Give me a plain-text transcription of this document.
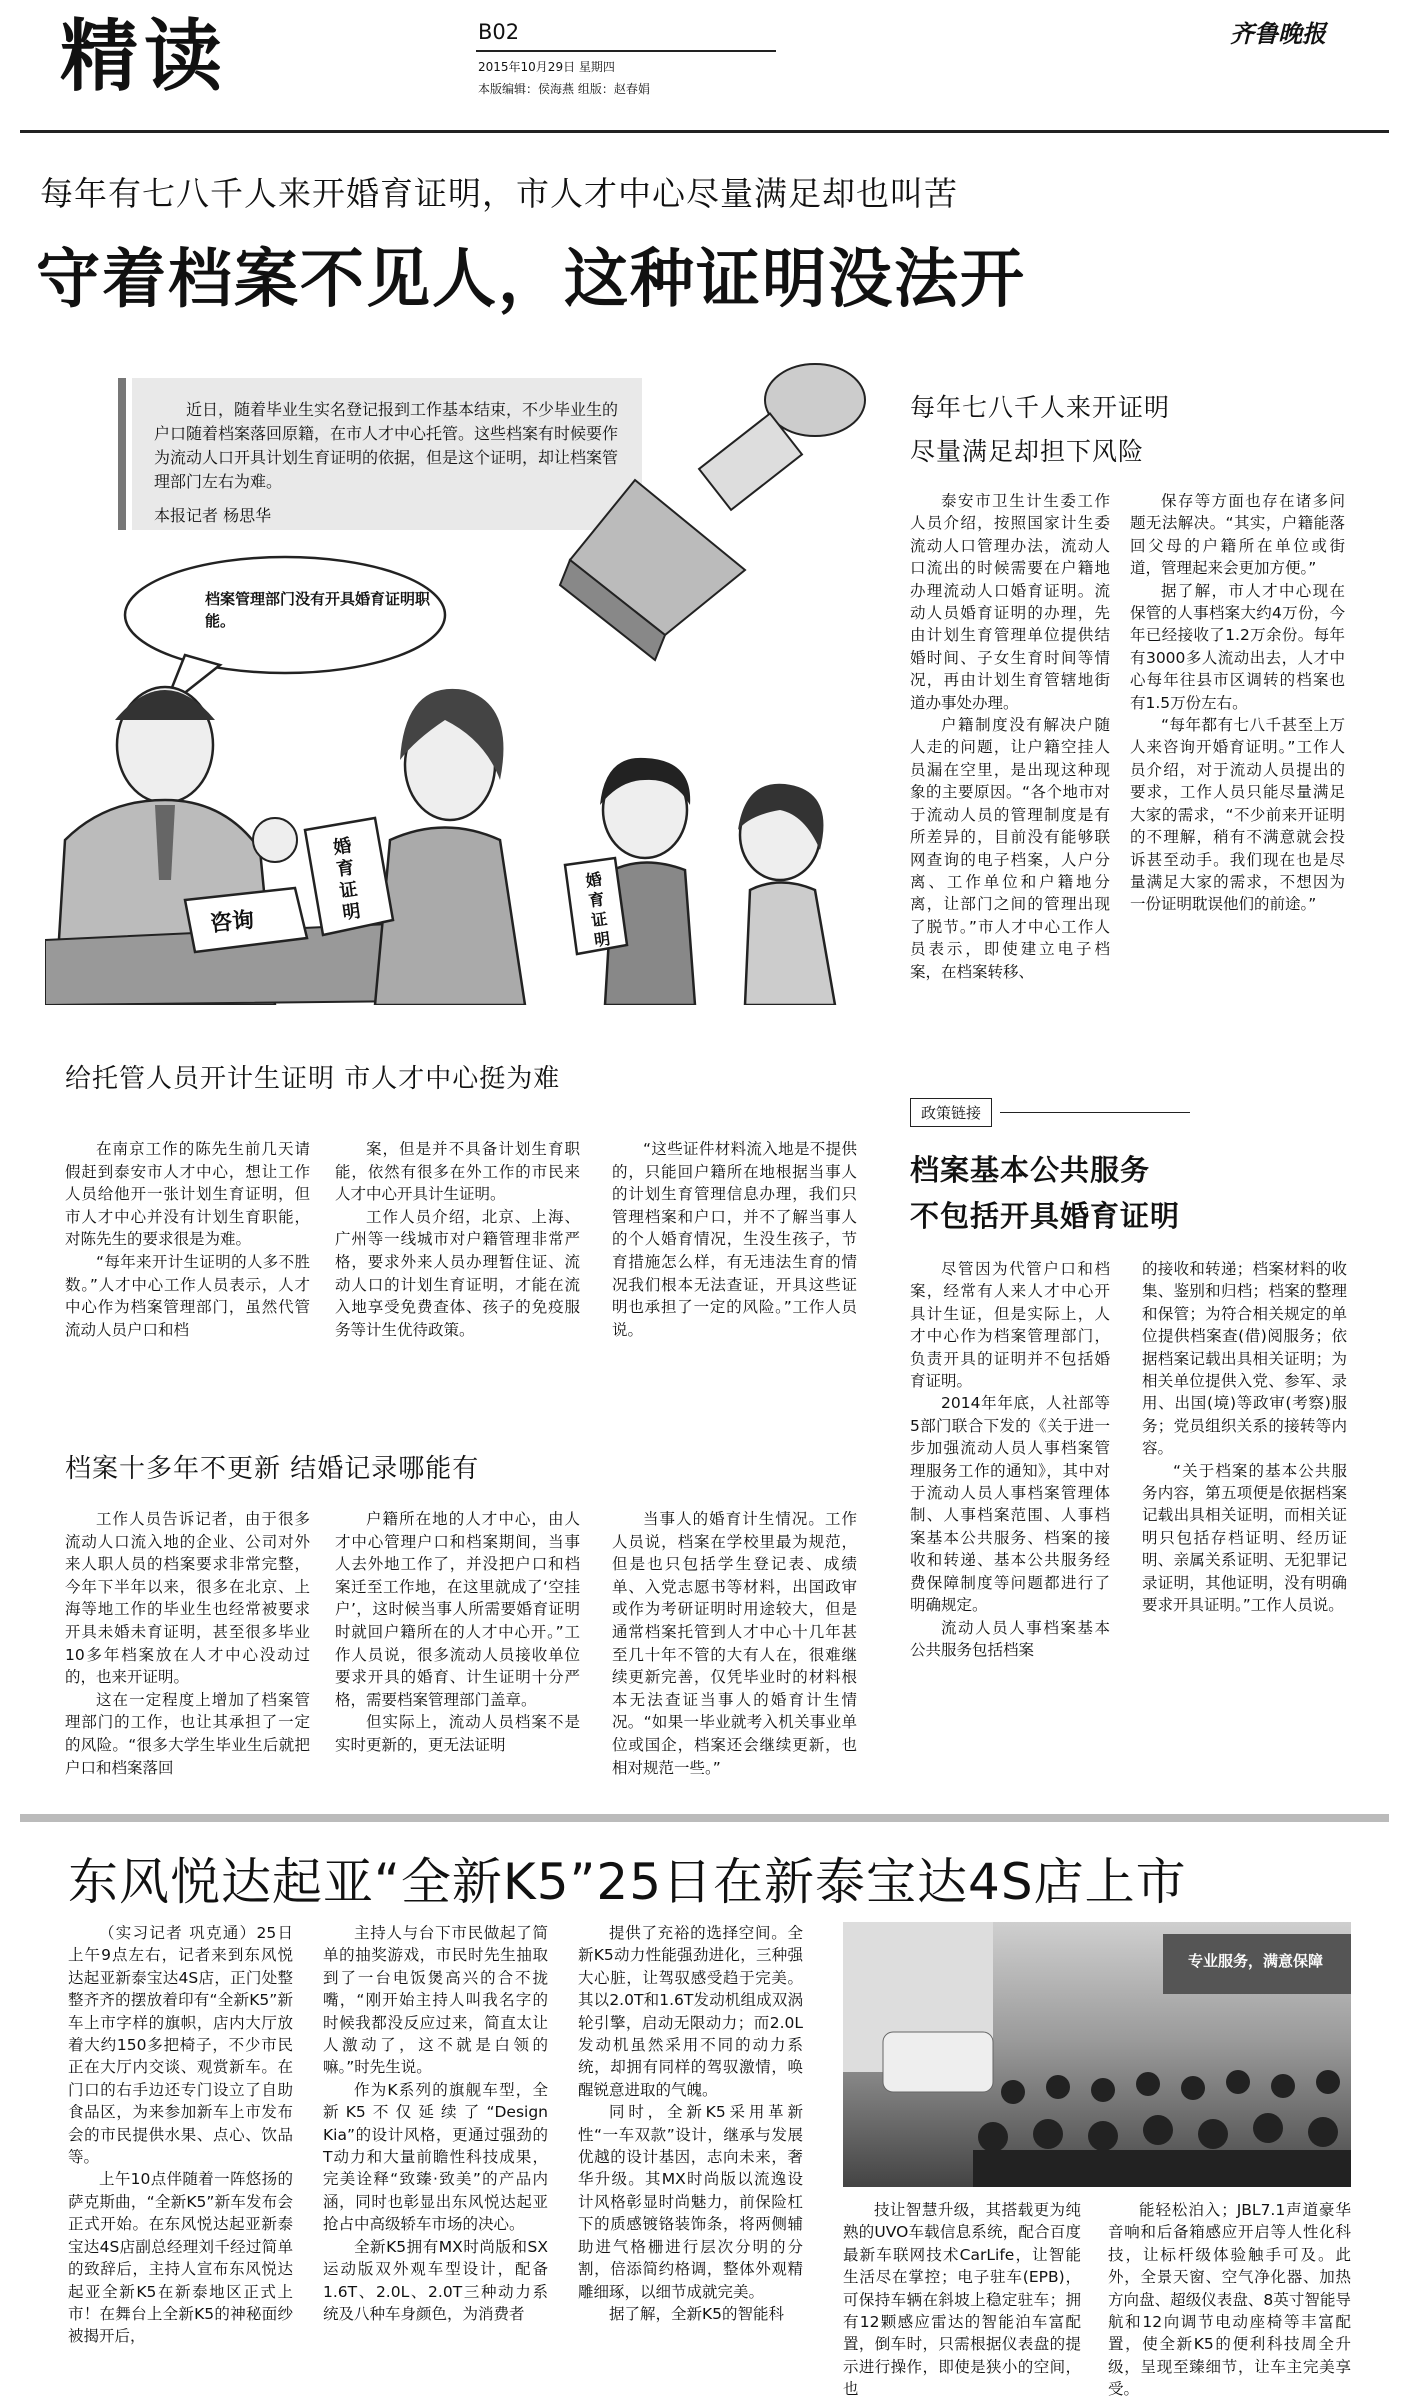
精读	B02
2015年10月29日 星期四
本版编辑：侯海燕 组版：赵春娟
齐鲁晚报
每年有七八千人来开婚育证明，市人才中心尽量满足却也叫苦
守着档案不见人，这种证明没法开
近日，随着毕业生实名登记报到工作基本结束，不少毕业生的户口随着档案落回原籍，在市人才中心托管。这些档案有时候要作为流动人口开具计划生育证明的依据，但是这个证明，却让档案管理部门左右为难。
本报记者 杨思华
档案管理部门没有开具婚育证明职能。
婚育证明
婚育证明
咨询
给托管人员开计生证明 市人才中心挺为难

在南京工作的陈先生前几天请假赶到泰安市人才中心，想让工作人员给他开一张计划生育证明，但市人才中心并没有计划生育职能，对陈先生的要求很是为难。

“每年来开计生证明的人多不胜数。”人才中心工作人员表示，人才中心作为档案管理部门，虽然代管流动人员户口和档

案，但是并不具备计划生育职能，依然有很多在外工作的市民来人才中心开具计生证明。

工作人员介绍，北京、上海、广州等一线城市对户籍管理非常严格，要求外来人员办理暂住证、流动人口的计划生育证明，才能在流入地享受免费查体、孩子的免疫服务等计生优待政策。

“这些证件材料流入地是不提供的，只能回户籍所在地根据当事人的计划生育管理信息办理，我们只管理档案和户口，并不了解当事人的个人婚育情况，生没生孩子，节育措施怎么样，有无违法生育的情况我们根本无法查证，开具这些证明也承担了一定的风险。”工作人员说。

档案十多年不更新 结婚记录哪能有

工作人员告诉记者，由于很多流动人口流入地的企业、公司对外来人职人员的档案要求非常完整，今年下半年以来，很多在北京、上海等地工作的毕业生也经常被要求开具未婚未育证明，甚至很多毕业10多年档案放在人才中心没动过的，也来开证明。

这在一定程度上增加了档案管理部门的工作，也让其承担了一定的风险。“很多大学生毕业生后就把户口和档案落回

户籍所在地的人才中心，由人才中心管理户口和档案期间，当事人去外地工作了，并没把户口和档案迁至工作地，在这里就成了‘空挂户’，这时候当事人所需要婚育证明时就回户籍所在的人才中心开。”工作人员说，很多流动人员接收单位要求开具的婚育、计生证明十分严格，需要档案管理部门盖章。

但实际上，流动人员档案不是实时更新的，更无法证明

当事人的婚育计生情况。工作人员说，档案在学校里最为规范，但是也只包括学生登记表、成绩单、入党志愿书等材料，出国政审或作为考研证明时用途较大，但是通常档案托管到人才中心十几年甚至几十年不管的大有人在，很难继续更新完善，仅凭毕业时的材料根本无法查证当事人的婚育计生情况。“如果一毕业就考入机关事业单位或国企，档案还会继续更新，也相对规范一些。”

每年七八千人来开证明
尽量满足却担下风险

泰安市卫生计生委工作人员介绍，按照国家计生委流动人口管理办法，流动人口流出的时候需要在户籍地办理流动人口婚育证明。流动人员婚育证明的办理，先由计划生育管理单位提供结婚时间、子女生育时间等情况，再由计划生育管辖地街道办事处办理。

户籍制度没有解决户随人走的问题，让户籍空挂人员漏在空里，是出现这种现象的主要原因。“各个地市对于流动人员的管理制度是有所差异的，目前没有能够联网查询的电子档案，人户分离、工作单位和户籍地分离，让部门之间的管理出现了脱节。”市人才中心工作人员表示，即使建立电子档案，在档案转移、

保存等方面也存在诸多问题无法解决。“其实，户籍能落回父母的户籍所在单位或街道，管理起来会更加方便。”

据了解，市人才中心现在保管的人事档案大约4万份，今年已经接收了1.2万余份。每年有3000多人流动出去，人才中心每年往县市区调转的档案也有1.5万份左右。

“每年都有七八千甚至上万人来咨询开婚育证明。”工作人员介绍，对于流动人员提出的要求，工作人员只能尽量满足大家的需求，“不少前来开证明的不理解，稍有不满意就会投诉甚至动手。我们现在也是尽量满足大家的需求，不想因为一份证明耽误他们的前途。”

政策链接
档案基本公共服务
不包括开具婚育证明

尽管因为代管户口和档案，经常有人来人才中心开具计生证，但是实际上，人才中心作为档案管理部门，负责开具的证明并不包括婚育证明。

2014年年底，人社部等5部门联合下发的《关于进一步加强流动人员人事档案管理服务工作的通知》，其中对于流动人员人事档案管理体制、人事档案范围、人事档案基本公共服务、档案的接收和转递、基本公共服务经费保障制度等问题都进行了明确规定。

流动人员人事档案基本公共服务包括档案

的接收和转递；档案材料的收集、鉴别和归档；档案的整理和保管；为符合相关规定的单位提供档案查(借)阅服务；依据档案记载出具相关证明；为相关单位提供入党、参军、录用、出国(境)等政审(考察)服务；党员组织关系的接转等内容。

“关于档案的基本公共服务内容，第五项便是依据档案记载出具相关证明，而相关证明只包括存档证明、经历证明、亲属关系证明、无犯罪记录证明，其他证明，没有明确要求开具证明。”工作人员说。

东风悦达起亚“全新K5”25日在新泰宝达4S店上市

（实习记者 巩克通）25日上午9点左右，记者来到东风悦达起亚新泰宝达4S店，正门处整整齐齐的摆放着印有“全新K5”新车上市字样的旗帜，店内大厅放着大约150多把椅子，不少市民正在大厅内交谈、观赏新车。在门口的右手边还专门设立了自助食品区，为来参加新车上市发布会的市民提供水果、点心、饮品等。

上午10点伴随着一阵悠扬的萨克斯曲，“全新K5”新车发布会正式开始。在东风悦达起亚新泰宝达4S店副总经理刘千经过简单的致辞后，主持人宣布东风悦达起亚全新K5在新泰地区正式上市！在舞台上全新K5的神秘面纱被揭开后，

主持人与台下市民做起了简单的抽奖游戏，市民时先生抽取到了一台电饭煲高兴的合不拢嘴，“刚开始主持人叫我名字的时候我都没反应过来，简直太让人激动了，这不就是白领的嘛。”时先生说。

作为K系列的旗舰车型，全新K5不仅延续了“Design Kia”的设计风格，更通过强劲的T动力和大量前瞻性科技成果，完美诠释“致臻·致美”的产品内涵，同时也彰显出东风悦达起亚抢占中高级轿车市场的决心。

全新K5拥有MX时尚版和SX运动版双外观车型设计，配备1.6T、2.0L、2.0T三种动力系统及八种车身颜色，为消费者

提供了充裕的选择空间。全新K5动力性能强劲进化，三种强大心脏，让驾驭感受趋于完美。其以2.0T和1.6T发动机组成双涡轮引擎，启动无限动力；而2.0L发动机虽然采用不同的动力系统，却拥有同样的驾驭激情，唤醒锐意进取的气魄。

同时，全新K5采用革新性“一车双款”设计，继承与发展优越的设计基因，志向未来，奢华升级。其MX时尚版以流逸设计风格彰显时尚魅力，前保险杠下的质感镀铬装饰条，将两侧辅助进气格栅进行层次分明的分割，倍添简约格调，整体外观精雕细琢，以细节成就完美。

据了解，全新K5的智能科

专业服务，满意保障

技让智慧升级，其搭载更为纯熟的UVO车载信息系统，配合百度最新车联网技术CarLife，让智能生活尽在掌控；电子驻车(EPB)，可保持车辆在斜坡上稳定驻车；拥有12颗感应雷达的智能泊车富配置，倒车时，只需根据仪表盘的提示进行操作，即使是狭小的空间，也

能轻松泊入；JBL7.1声道豪华音响和后备箱感应开启等人性化科技，让标杆级体验触手可及。此外，全景天窗、空气净化器、加热方向盘、超级仪表盘、8英寸智能导航和12向调节电动座椅等丰富配置，使全新K5的便利科技周全升级，呈现至臻细节，让车主完美享受。
